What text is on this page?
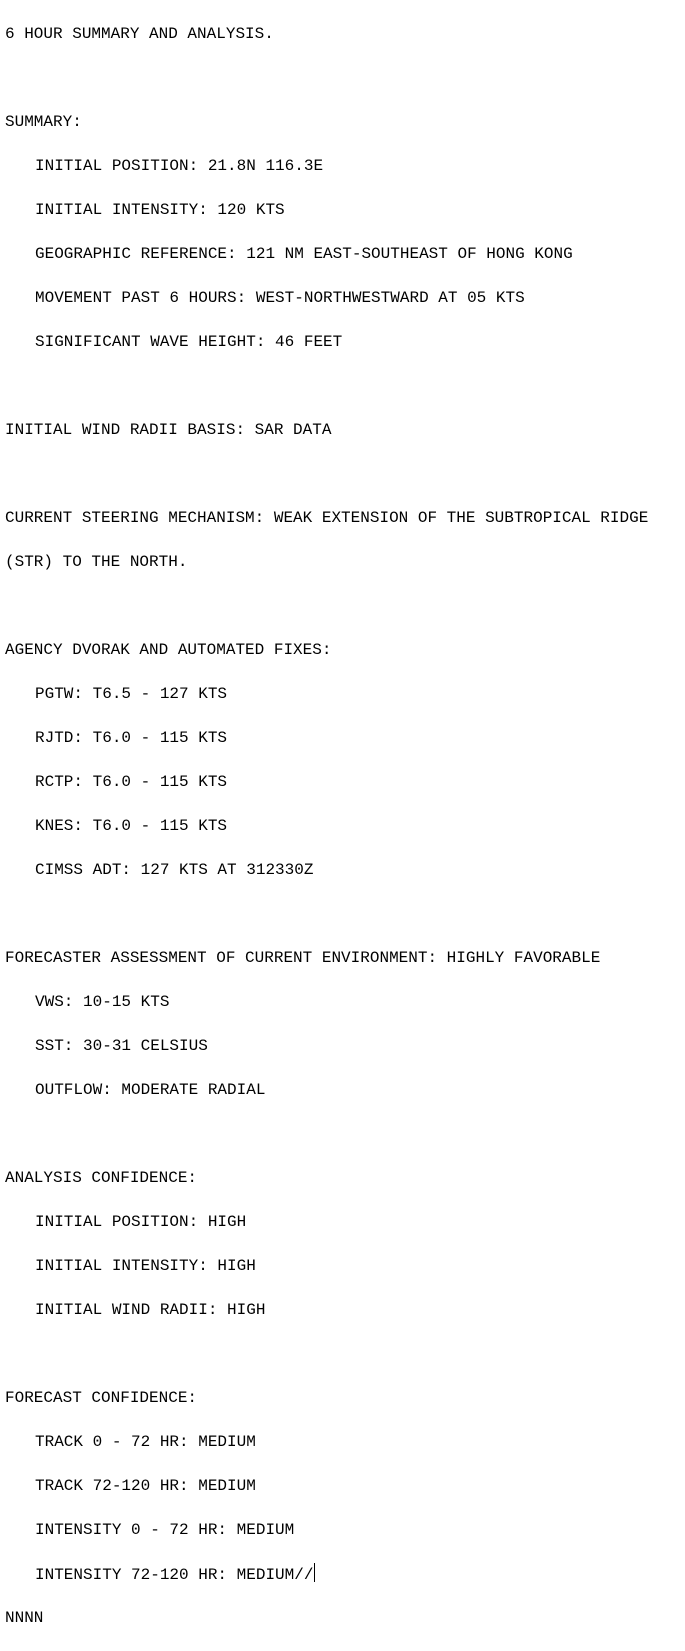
6 HOUR SUMMARY AND ANALYSIS.

SUMMARY:

INITIAL POSITION: 21.8N 116.3E

INITIAL INTENSITY: 120 KTS

GEOGRAPHIC REFERENCE: 121 NM EAST-SOUTHEAST OF HONG KONG

MOVEMENT PAST 6 HOURS: WEST-NORTHWESTWARD AT 05 KTS

SIGNIFICANT WAVE HEIGHT: 46 FEET

INITIAL WIND RADII BASIS: SAR DATA

CURRENT STEERING MECHANISM: WEAK EXTENSION OF THE SUBTROPICAL RIDGE

(STR) TO THE NORTH.

AGENCY DVORAK AND AUTOMATED FIXES:

PGTW: T6.5 - 127 KTS

RJTD: T6.0 - 115 KTS

RCTP: T6.0 - 115 KTS

KNES: T6.0 - 115 KTS

CIMSS ADT: 127 KTS AT 312330Z

FORECASTER ASSESSMENT OF CURRENT ENVIRONMENT: HIGHLY FAVORABLE

VWS: 10-15 KTS

SST: 30-31 CELSIUS

OUTFLOW: MODERATE RADIAL

ANALYSIS CONFIDENCE:

INITIAL POSITION: HIGH

INITIAL INTENSITY: HIGH

INITIAL WIND RADII: HIGH

FORECAST CONFIDENCE:

TRACK 0 - 72 HR: MEDIUM

TRACK 72-120 HR: MEDIUM

INTENSITY 0 - 72 HR: MEDIUM

INTENSITY 72-120 HR: MEDIUM//

NNNN
